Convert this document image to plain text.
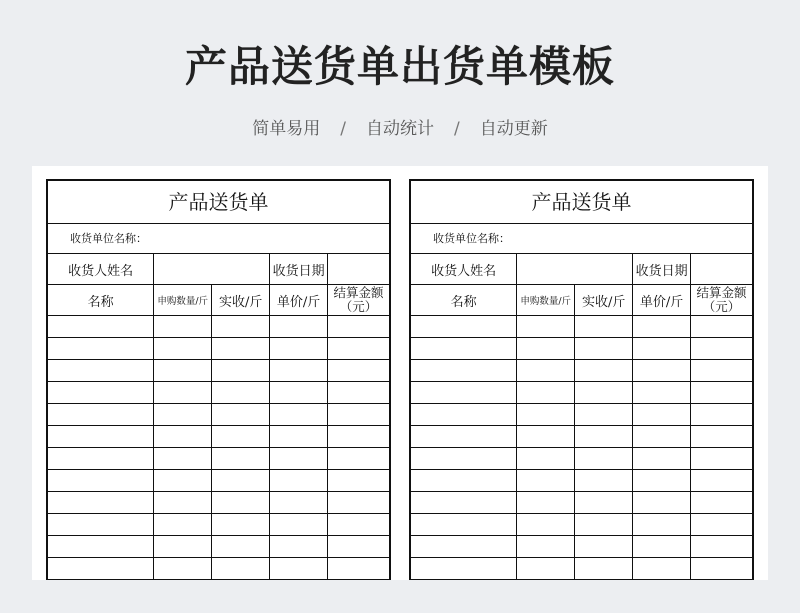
产品送货单出货单模板
简单易用 / 自动统计 / 自动更新
产品送货单
收货单位名称：
收货人姓名			收货日期	
名称	申购数量/斤	实收/斤	单价/斤	结算金额（元）

产品送货单
收货单位名称：
收货人姓名			收货日期	
名称	申购数量/斤	实收/斤	单价/斤	结算金额（元）
